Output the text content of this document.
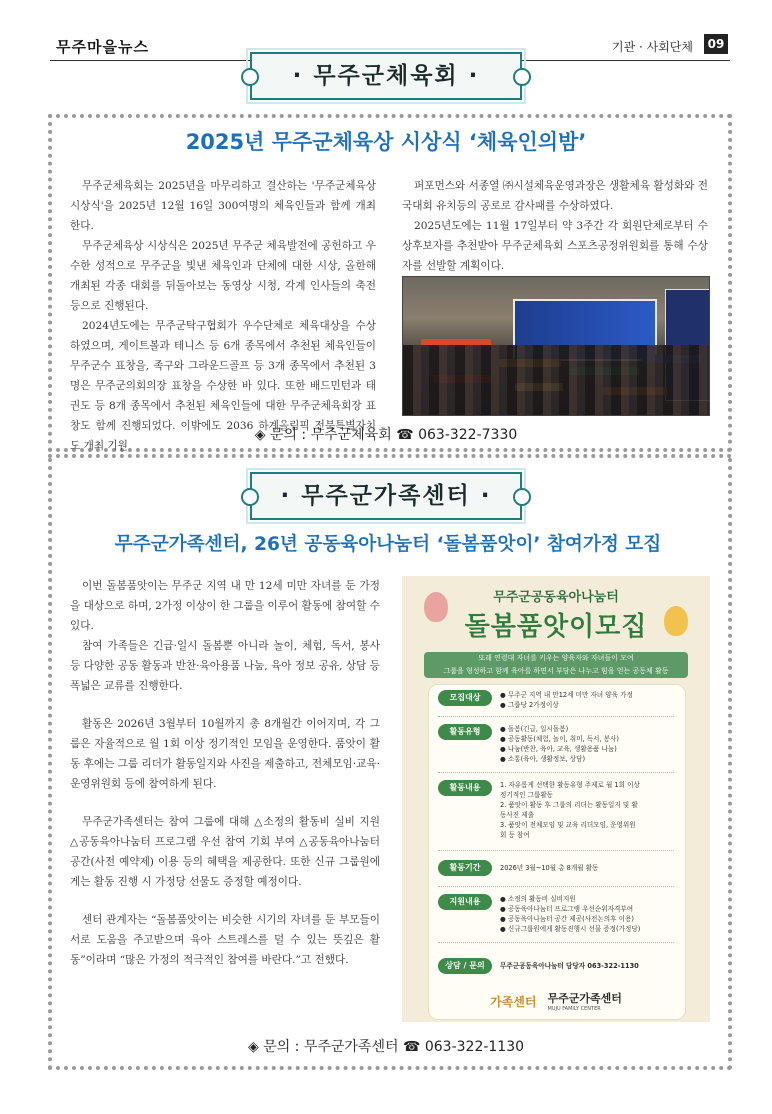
무주마을뉴스	기관 · 사회단체	09
· 무주군체육회 ·
2025년 무주군체육상 시상식 ‘체육인의밤’

무주군체육회는 2025년을 마무리하고 결산하는 '무주군체육상 시상식'을 2025년 12월 16일 300여명의 체육인들과 함께 개최 한다.

무주군체육상 시상식은 2025년 무주군 체육발전에 공헌하고 우수한 성적으로 무주군을 빛낸 체육인과 단체에 대한 시상, 올한해 개최된 각종 대회를 뒤돌아보는 동영상 시청, 각계 인사들의 축전 등으로 진행된다.

2024년도에는 무주군탁구협회가 우수단체로 체육대상을 수상하였으며, 게이트볼과 테니스 등 6개 종목에서 추천된 체육인들이 무주군수 표창을, 족구와 그라운드골프 등 3개 종목에서 추천된 3명은 무주군의회의장 표창을 수상한 바 있다. 또한 배드민턴과 태권도 등 8개 종목에서 추천된 체육인들에 대한 무주군체육회장 표창도 함께 진행되었다. 이밖에도 2036 하계올림픽 전북특별자치도 개최 기원

퍼포먼스와 서종열 ㈜시설체육운영과장은 생활체육 활성화와 전국대회 유치등의 공로로 감사패를 수상하였다.

2025년도에는 11월 17일부터 약 3주간 각 회원단체로부터 수상후보자를 추천받아 무주군체육회 스포츠공정위원회를 통해 수상자를 선발할 계획이다.

◈ 문의 : 무주군체육회 ☎ 063-322-7330
· 무주군가족센터 ·
무주군가족센터, 26년 공동육아나눔터 ‘돌봄품앗이’ 참여가정 모집

이번 돌봄품앗이는 무주군 지역 내 만 12세 미만 자녀를 둔 가정을 대상으로 하며, 2가정 이상이 한 그룹을 이루어 활동에 참여할 수 있다.

참여 가족들은 긴급·일시 돌봄뿐 아니라 놀이, 체험, 독서, 봉사 등 다양한 공동 활동과 반찬·육아용품 나눔, 육아 정보 공유, 상담 등 폭넓은 교류를 진행한다.

활동은 2026년 3월부터 10월까지 총 8개월간 이어지며, 각 그룹은 자율적으로 월 1회 이상 정기적인 모임을 운영한다. 품앗이 활동 후에는 그룹 리더가 활동일지와 사진을 제출하고, 전체모임·교육·운영위원회 등에 참여하게 된다.

무주군가족센터는 참여 그룹에 대해 △소정의 활동비 실비 지원 △공동육아나눔터 프로그램 우선 참여 기회 부여 △공동육아나눔터 공간(사전 예약제) 이용 등의 혜택을 제공한다. 또한 신규 그룹원에게는 활동 진행 시 가정당 선물도 증정할 예정이다.

센터 관계자는 “돌봄품앗이는 비슷한 시기의 자녀를 둔 부모들이 서로 도움을 주고받으며 육아 스트레스를 덜 수 있는 뜻깊은 활동”이라며 “많은 가정의 적극적인 참여를 바란다.”고 전했다.

무주군공동육아나눔터
돌봄품앗이모집
또래 연령대 자녀를 키우는 양육자와 자녀들이 모여
그룹을 형성하고 함께 육아를 하면서 부담은 나누고 힘을 얻는 공동체 활동
모집대상	● 무주군 지역 내 만12세 미만 자녀 양육 가정
● 그룹당 2가정이상
활동유형	● 돌봄(긴급, 일시돌봄)
● 공동활동(체험, 놀이, 취미, 독서, 봉사)
● 나눔(반찬, 육아, 교육, 생활용품 나눔)
● 소통(육아, 생활정보, 상담)
활동내용	1. 자유롭게 선택한 활동유형 주제로 월 1회 이상
정기적인 그룹활동
2. 품앗이 활동 후 그룹의 리더는 활동일지 및 활
동사진 제출
3. 품앗이 전체모임 및 교육 리더모임, 운영위원
회 등 참여
활동기간	2026년 3월~10월 총 8개월 활동
지원내용	● 소정의 활동비 실비지원
● 공동육아나눔터 프로그램 우선순위자격부여
● 공동육아나눔터 공간 제공(사전논의후 이용)
● 신규그룹원에게 활동진행시 선물 증정(가정당)
상담 / 문의	무주군공동육아나눔터 담당자 063-322-1130
가족센터 무주군가족센터
MUJU FAMILY CENTER
◈ 문의 : 무주군가족센터 ☎ 063-322-1130
